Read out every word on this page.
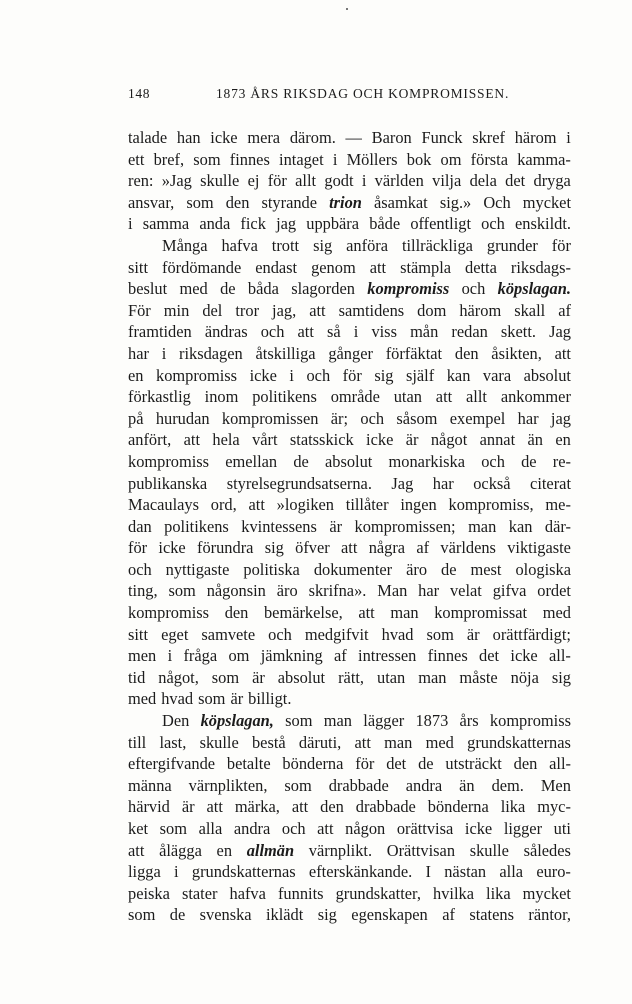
148	1873 ÅRS RIKSDAG OCH KOMPROMISSEN.
talade han icke mera därom. — Baron Funck skref härom i
ett bref, som finnes intaget i Möllers bok om första kamma-
ren: »Jag skulle ej för allt godt i världen vilja dela det dryga
ansvar, som den styrande trion åsamkat sig.» Och mycket
i samma anda fick jag uppbära både offentligt och enskildt.
Många hafva trott sig anföra tillräckliga grunder för
sitt fördömande endast genom att stämpla detta riksdags-
beslut med de båda slagorden kompromiss och köpslagan.
För min del tror jag, att samtidens dom härom skall af
framtiden ändras och att så i viss mån redan skett. Jag
har i riksdagen åtskilliga gånger förfäktat den åsikten, att
en kompromiss icke i och för sig själf kan vara absolut
förkastlig inom politikens område utan att allt ankommer
på hurudan kompromissen är; och såsom exempel har jag
anfört, att hela vårt statsskick icke är något annat än en
kompromiss emellan de absolut monarkiska och de re-
publikanska styrelsegrundsatserna. Jag har också citerat
Macaulays ord, att »logiken tillåter ingen kompromiss, me-
dan politikens kvintessens är kompromissen; man kan där-
för icke förundra sig öfver att några af världens viktigaste
och nyttigaste politiska dokumenter äro de mest ologiska
ting, som någonsin äro skrifna». Man har velat gifva ordet
kompromiss den bemärkelse, att man kompromissat med
sitt eget samvete och medgifvit hvad som är orättfärdigt;
men i fråga om jämkning af intressen finnes det icke all-
tid något, som är absolut rätt, utan man måste nöja sig
med hvad som är billigt.
Den köpslagan, som man lägger 1873 års kompromiss
till last, skulle bestå däruti, att man med grundskatternas
eftergifvande betalte bönderna för det de utsträckt den all-
männa värnplikten, som drabbade andra än dem. Men
härvid är att märka, att den drabbade bönderna lika myc-
ket som alla andra och att någon orättvisa icke ligger uti
att ålägga en allmän värnplikt. Orättvisan skulle således
ligga i grundskatternas efterskänkande. I nästan alla euro-
peiska stater hafva funnits grundskatter, hvilka lika mycket
som de svenska iklädt sig egenskapen af statens räntor,
